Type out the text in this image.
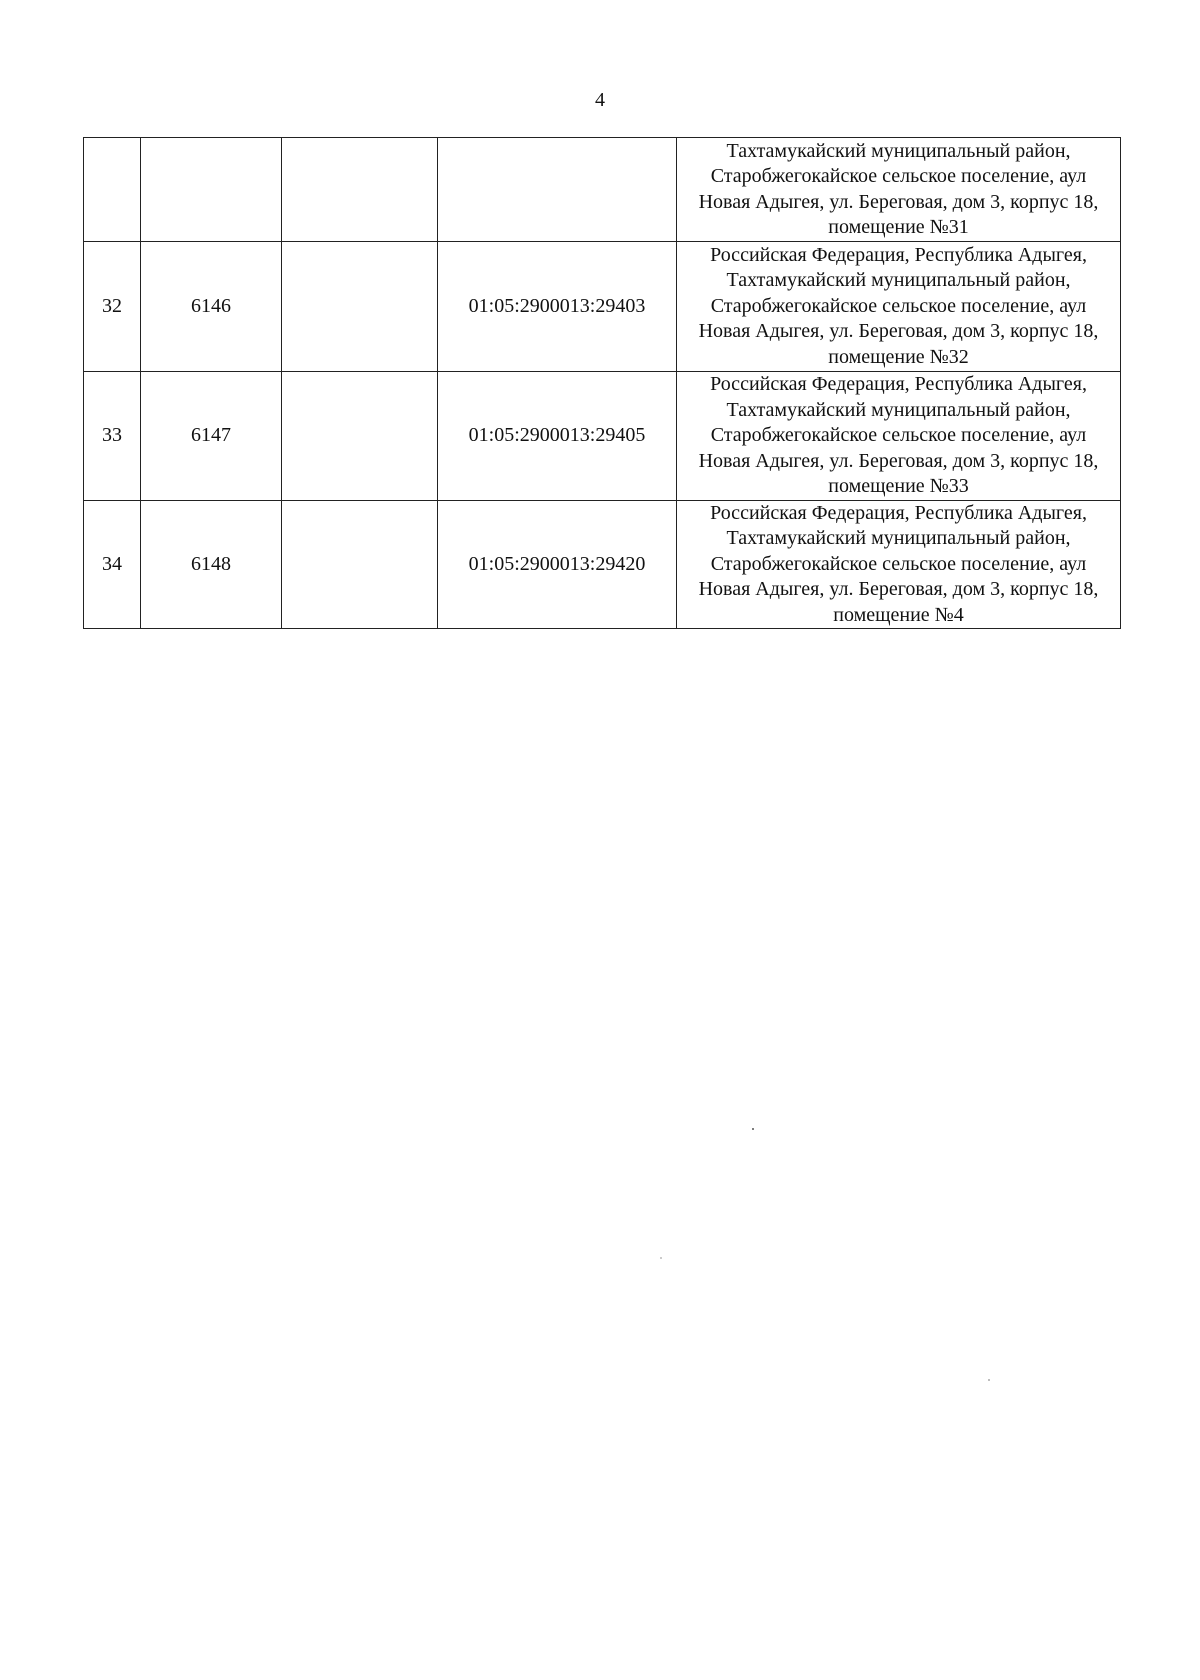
4

				Тахтамукайский муниципальный район,
Старобжегокайское сельское поселение, аул
Новая Адыгея, ул. Береговая, дом 3, корпус 18,
помещение №31

32	6146		01:05:2900013:29403	Российская Федерация, Республика Адыгея,
Тахтамукайский муниципальный район,
Старобжегокайское сельское поселение, аул
Новая Адыгея, ул. Береговая, дом 3, корпус 18,
помещение №32

33	6147		01:05:2900013:29405	Российская Федерация, Республика Адыгея,
Тахтамукайский муниципальный район,
Старобжегокайское сельское поселение, аул
Новая Адыгея, ул. Береговая, дом 3, корпус 18,
помещение №33

34	6148		01:05:2900013:29420	Российская Федерация, Республика Адыгея,
Тахтамукайский муниципальный район,
Старобжегокайское сельское поселение, аул
Новая Адыгея, ул. Береговая, дом 3, корпус 18,
помещение №4
